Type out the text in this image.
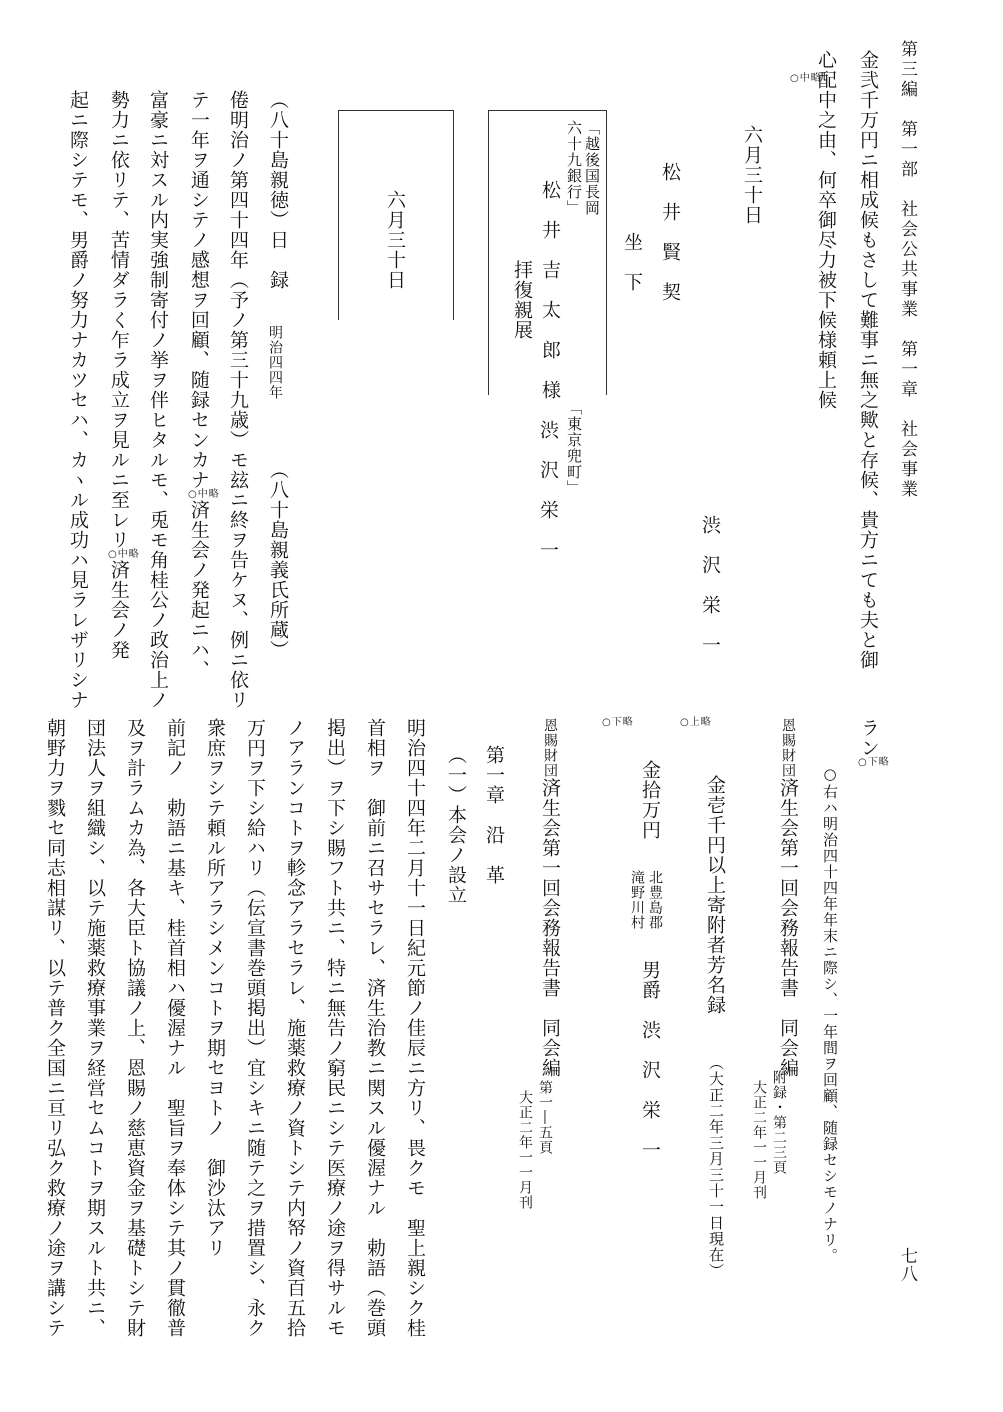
第三編　第一部　社会公共事業　第一章　社会事業
七八
金弐千万円ニ相成候もさして難事ニ無之歟と存候、貴方ニても夫と御
心配中之由、何卒御尽力被下候様頼上候
○中略
六月三十日
渋　沢　栄　一
松　井　賢　契
坐　下
「越後国長岡
六十九銀行」
松　井　吉　太　郎　様
拝復親展
「東京兜町」
渋　沢　栄　一
六月三十日
（八十島親徳）日　録
明治四四年
（八十島親義氏所蔵）
倦明治ノ第四十四年（予ノ第三十九歳）モ玆ニ終ヲ告ケヌ、例ニ依リ
テ一年ヲ通シテノ感想ヲ回顧、随録センカナ○中略済生会ノ発起ニハ、
富豪ニ対スル内実強制寄付ノ挙ヲ伴ヒタルモ、兎モ角桂公ノ政治上ノ
勢力ニ依リテ、苦情ダラく乍ラ成立ヲ見ルニ至レリ○中略済生会ノ発
起ニ際シテモ、男爵ノ努力ナカツセハ、カヽル成功ハ見ラレザリシナ
ラン○下略
○右ハ明治四十四年年末ニ際シ、一年間ヲ回顧、随録セシモノナリ。
恩賜財団済生会第一回会務報告書　同会編
附録・第二三頁
大正二年一一月刊
金壱千円以上寄附者芳名録
（大正二年三月三十一日現在）
○上略
金拾万円
北豊島郡
滝野川村
男爵　渋　沢　栄　一
○下略
恩賜財団済生会第一回会務報告書　同会編
第一―五頁
大正二年一一月刊
第一章　沿　革
（一）本会ノ設立
明治四十四年二月十一日紀元節ノ佳辰ニ方リ、畏クモ　聖上親シク桂
首相ヲ　御前ニ召サセラレ、済生治教ニ関スル優渥ナル　勅語（巻頭
掲出）ヲ下シ賜フト共ニ、特ニ無告ノ窮民ニシテ医療ノ途ヲ得サルモ
ノアランコトヲ軫念アラセラレ、施薬救療ノ資トシテ内帑ノ資百五拾
万円ヲ下シ給ハリ（伝宣書巻頭掲出）宜シキニ随テ之ヲ措置シ、永ク
衆庶ヲシテ頼ル所アラシメンコトヲ期セヨトノ　御沙汰アリ
前記ノ　勅語ニ基キ、桂首相ハ優渥ナル　聖旨ヲ奉体シテ其ノ貫徹普
及ヲ計ラムカ為、各大臣ト協議ノ上、恩賜ノ慈恵資金ヲ基礎トシテ財
団法人ヲ組織シ、以テ施薬救療事業ヲ経営セムコトヲ期スルト共ニ、
朝野力ヲ戮セ同志相謀リ、以テ普ク全国ニ亘リ弘ク救療ノ途ヲ講シテ
